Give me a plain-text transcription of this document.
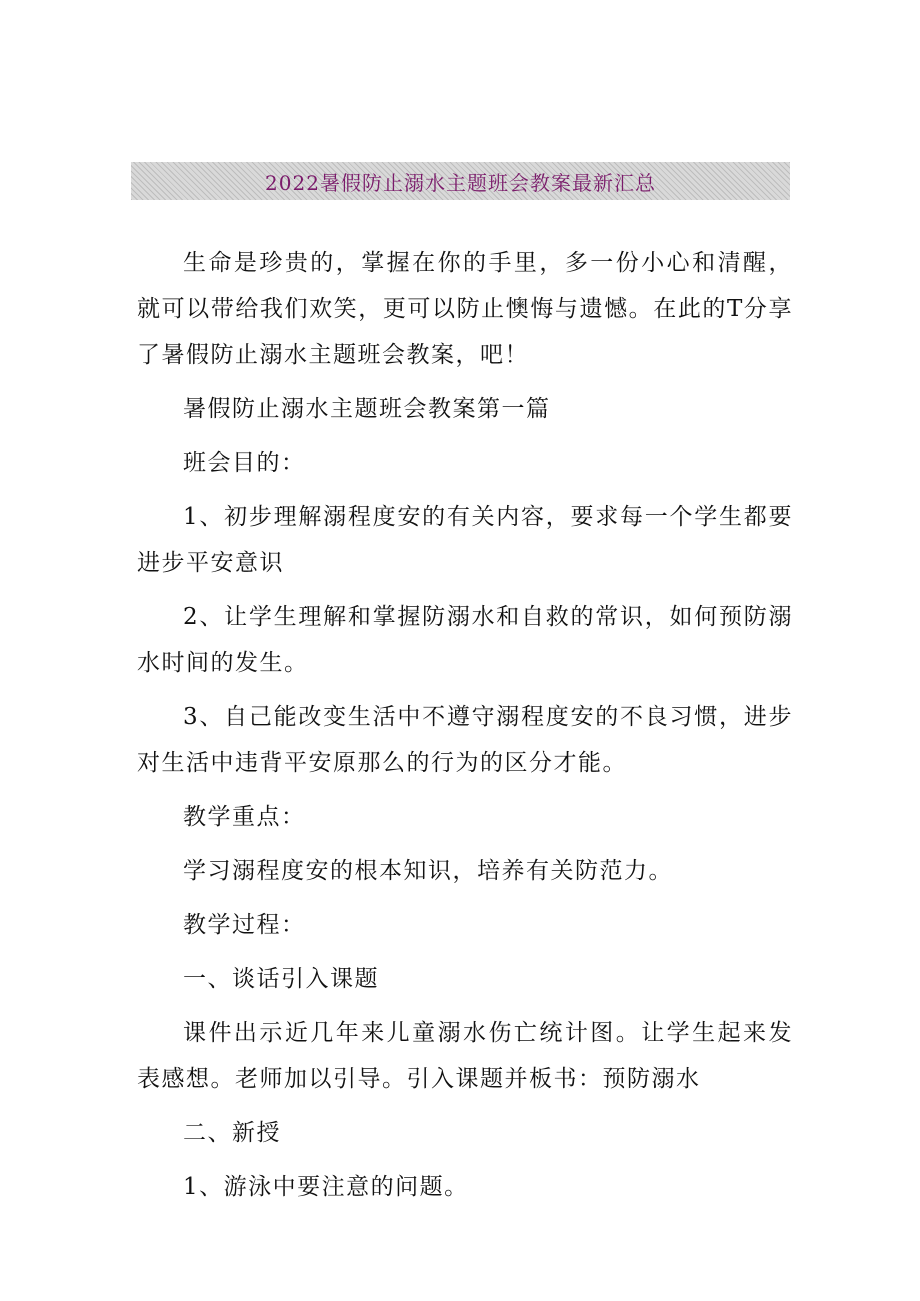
2022暑假防止溺水主题班会教案最新汇总

生命是珍贵的，掌握在你的手里，多一份小心和清醒，就可以带给我们欢笑，更可以防止懊悔与遗憾。在此的T分享了暑假防止溺水主题班会教案，吧！

暑假防止溺水主题班会教案第一篇

班会目的：

1、初步理解溺程度安的有关内容，要求每一个学生都要进步平安意识

2、让学生理解和掌握防溺水和自救的常识，如何预防溺水时间的发生。

3、自己能改变生活中不遵守溺程度安的不良习惯，进步对生活中违背平安原那么的行为的区分才能。

教学重点：

学习溺程度安的根本知识，培养有关防范力。

教学过程：

一、谈话引入课题

课件出示近几年来儿童溺水伤亡统计图。让学生起来发表感想。老师加以引导。引入课题并板书：预防溺水

二、新授

1、游泳中要注意的问题。
